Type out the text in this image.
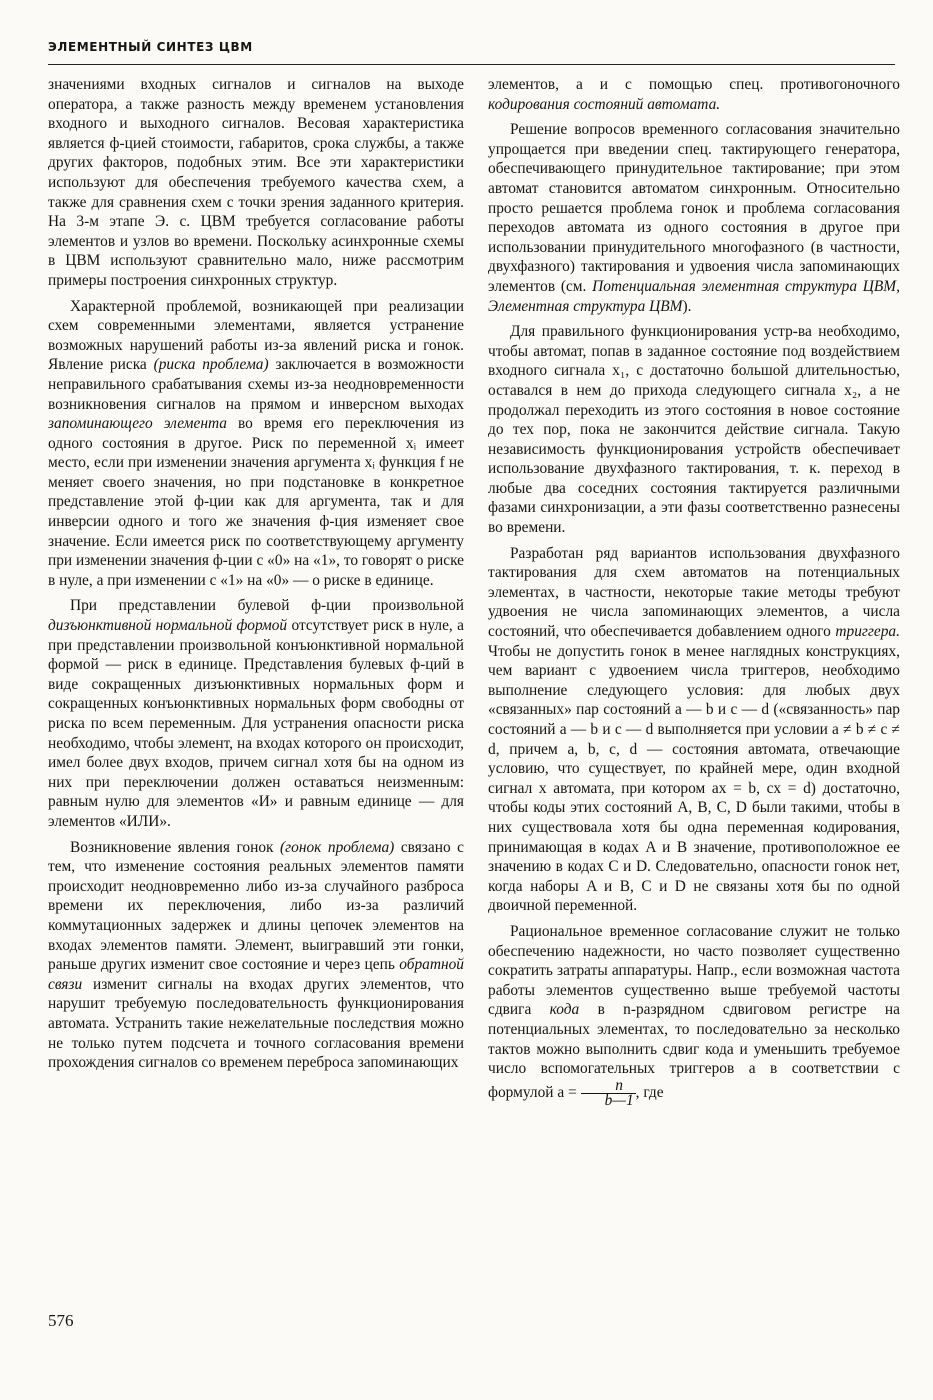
ЭЛЕМЕНТНЫЙ СИНТЕЗ ЦВМ

значениями входных сигналов и сигналов на выходе оператора, а также разность между временем установления входного и выходного сигналов. Весовая характеристика является ф-цией стоимости, габаритов, срока службы, а также других факторов, подобных этим. Все эти характеристики используют для обеспечения требуемого качества схем, а также для сравнения схем с точки зрения заданного критерия. На 3-м этапе Э. с. ЦВМ требуется согласование работы элементов и узлов во времени. Поскольку асинхронные схемы в ЦВМ используют сравнительно мало, ниже рассмотрим примеры построения синхронных структур.

Характерной проблемой, возникающей при реализации схем современными элементами, является устранение возможных нарушений работы из-за явлений риска и гонок. Явление риска (риска проблема) заключается в возможности неправильного срабатывания схемы из-за неодновременности возникновения сигналов на прямом и инверсном выходах запоминающего элемента во время его переключения из одного состояния в другое. Риск по переменной xᵢ имеет место, если при изменении значения аргумента xᵢ функция f не меняет своего значения, но при подстановке в конкретное представление этой ф-ции как для аргумента, так и для инверсии одного и того же значения ф-ция изменяет свое значение. Если имеется риск по соответствующему аргументу при изменении значения ф-ции с «0» на «1», то говорят о риске в нуле, а при изменении с «1» на «0» — о риске в единице.

При представлении булевой ф-ции произвольной дизъюнктивной нормальной формой отсутствует риск в нуле, а при представлении произвольной конъюнктивной нормальной формой — риск в единице. Представления булевых ф-ций в виде сокращенных дизъюнктивных нормальных форм и сокращенных конъюнктивных нормальных форм свободны от риска по всем переменным. Для устранения опасности риска необходимо, чтобы элемент, на входах которого он происходит, имел более двух входов, причем сигнал хотя бы на одном из них при переключении должен оставаться неизменным: равным нулю для элементов «И» и равным единице — для элементов «ИЛИ».

Возникновение явления гонок (гонок проблема) связано с тем, что изменение состояния реальных элементов памяти происходит неодновременно либо из-за случайного разброса времени их переключения, либо из-за различий коммутационных задержек и длины цепочек элементов на входах элементов памяти. Элемент, выигравший эти гонки, раньше других изменит свое состояние и через цепь обратной связи изменит сигналы на входах других элементов, что нарушит требуемую последовательность функционирования автомата. Устранить такие нежелательные последствия можно не только путем подсчета и точного согласования времени прохождения сигналов со временем переброса запоминающих

элементов, а и с помощью спец. противогоночного кодирования состояний автомата.

Решение вопросов временного согласования значительно упрощается при введении спец. тактирующего генератора, обеспечивающего принудительное тактирование; при этом автомат становится автоматом синхронным. Относительно просто решается проблема гонок и проблема согласования переходов автомата из одного состояния в другое при использовании принудительного многофазного (в частности, двухфазного) тактирования и удвоения числа запоминающих элементов (см. Потенциальная элементная структура ЦВМ, Элементная структура ЦВМ).

Для правильного функционирования устр-ва необходимо, чтобы автомат, попав в заданное состояние под воздействием входного сигнала x₁, с достаточно большой длительностью, оставался в нем до прихода следующего сигнала x₂, а не продолжал переходить из этого состояния в новое состояние до тех пор, пока не закончится действие сигнала. Такую независимость функционирования устройств обеспечивает использование двухфазного тактирования, т. к. переход в любые два соседних состояния тактируется различными фазами синхронизации, а эти фазы соответственно разнесены во времени.

Разработан ряд вариантов использования двухфазного тактирования для схем автоматов на потенциальных элементах, в частности, некоторые такие методы требуют удвоения не числа запоминающих элементов, а числа состояний, что обеспечивается добавлением одного триггера. Чтобы не допустить гонок в менее наглядных конструкциях, чем вариант с удвоением числа триггеров, необходимо выполнение следующего условия: для любых двух «связанных» пар состояний a — b и c — d («связанность» пар состояний a — b и c — d выполняется при условии a ≠ b ≠ c ≠ d, причем a, b, c, d — состояния автомата, отвечающие условию, что существует, по крайней мере, один входной сигнал x автомата, при котором ax = b, cx = d) достаточно, чтобы коды этих состояний A, B, C, D были такими, чтобы в них существовала хотя бы одна переменная кодирования, принимающая в кодах A и B значение, противоположное ее значению в кодах C и D. Следовательно, опасности гонок нет, когда наборы A и B, C и D не связаны хотя бы по одной двоичной переменной.

Рациональное временное согласование служит не только обеспечению надежности, но часто позволяет существенно сократить затраты аппаратуры. Напр., если возможная частота работы элементов существенно выше требуемой частоты сдвига кода в n-разрядном сдвиговом регистре на потенциальных элементах, то последовательно за несколько тактов можно выполнить сдвиг кода и уменьшить требуемое число вспомогательных триггеров a в соответствии с формулой $a = \frac{n}{b—1}$ , где

576
